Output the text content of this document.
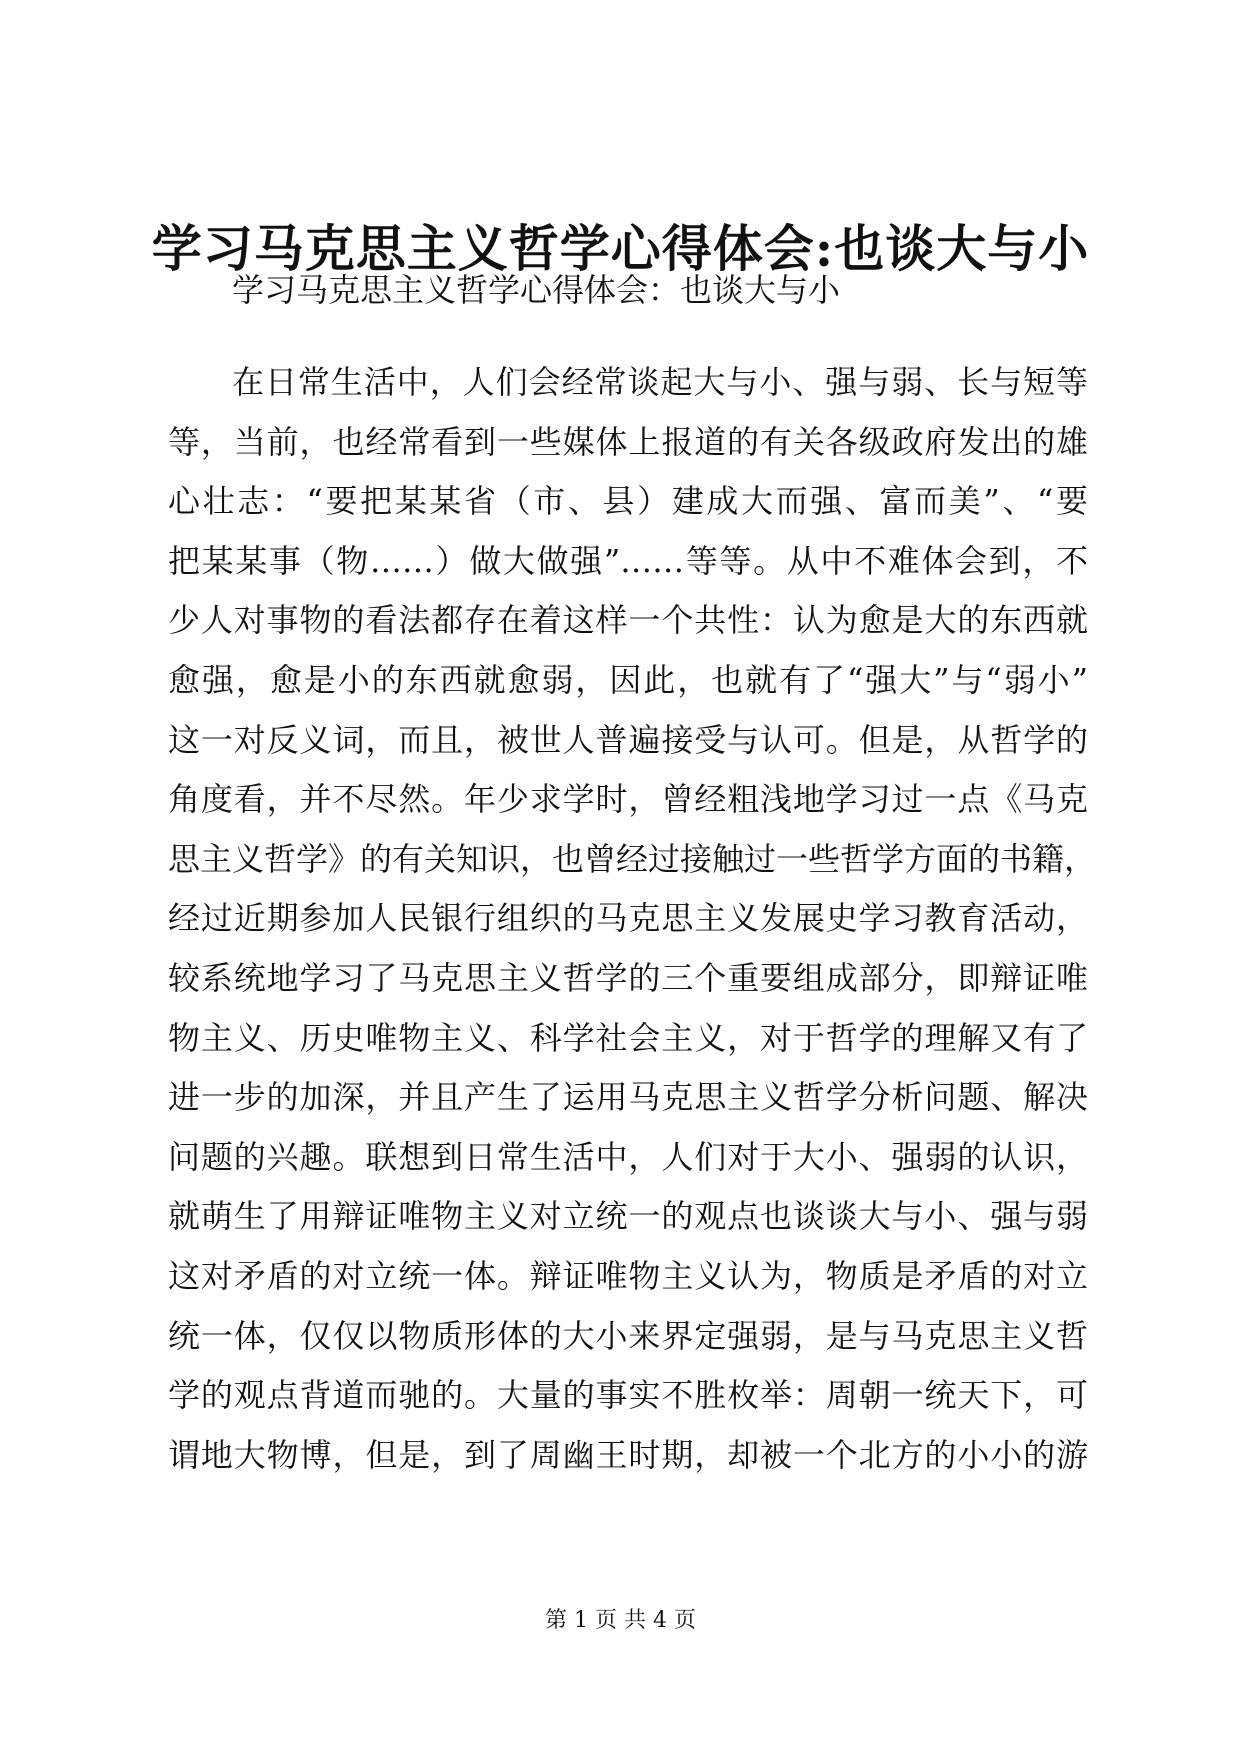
学习马克思主义哲学心得体会:也谈大与小

学习马克思主义哲学心得体会：也谈大与小

在日常生活中，人们会经常谈起大与小、强与弱、长与短等
等，当前，也经常看到一些媒体上报道的有关各级政府发出的雄
心壮志：“要把某某省（市、县）建成大而强、富而美”、“要
把某某事（物……）做大做强”……等等。从中不难体会到，不
少人对事物的看法都存在着这样一个共性：认为愈是大的东西就
愈强，愈是小的东西就愈弱，因此，也就有了“强大”与“弱小”
这一对反义词，而且，被世人普遍接受与认可。但是，从哲学的
角度看，并不尽然。年少求学时，曾经粗浅地学习过一点《马克
思主义哲学》的有关知识，也曾经过接触过一些哲学方面的书籍，
经过近期参加人民银行组织的马克思主义发展史学习教育活动，
较系统地学习了马克思主义哲学的三个重要组成部分，即辩证唯
物主义、历史唯物主义、科学社会主义，对于哲学的理解又有了
进一步的加深，并且产生了运用马克思主义哲学分析问题、解决
问题的兴趣。联想到日常生活中，人们对于大小、强弱的认识，
就萌生了用辩证唯物主义对立统一的观点也谈谈大与小、强与弱
这对矛盾的对立统一体。辩证唯物主义认为，物质是矛盾的对立
统一体，仅仅以物质形体的大小来界定强弱，是与马克思主义哲
学的观点背道而驰的。大量的事实不胜枚举：周朝一统天下，可
谓地大物博，但是，到了周幽王时期，却被一个北方的小小的游

第 1 页 共 4 页
